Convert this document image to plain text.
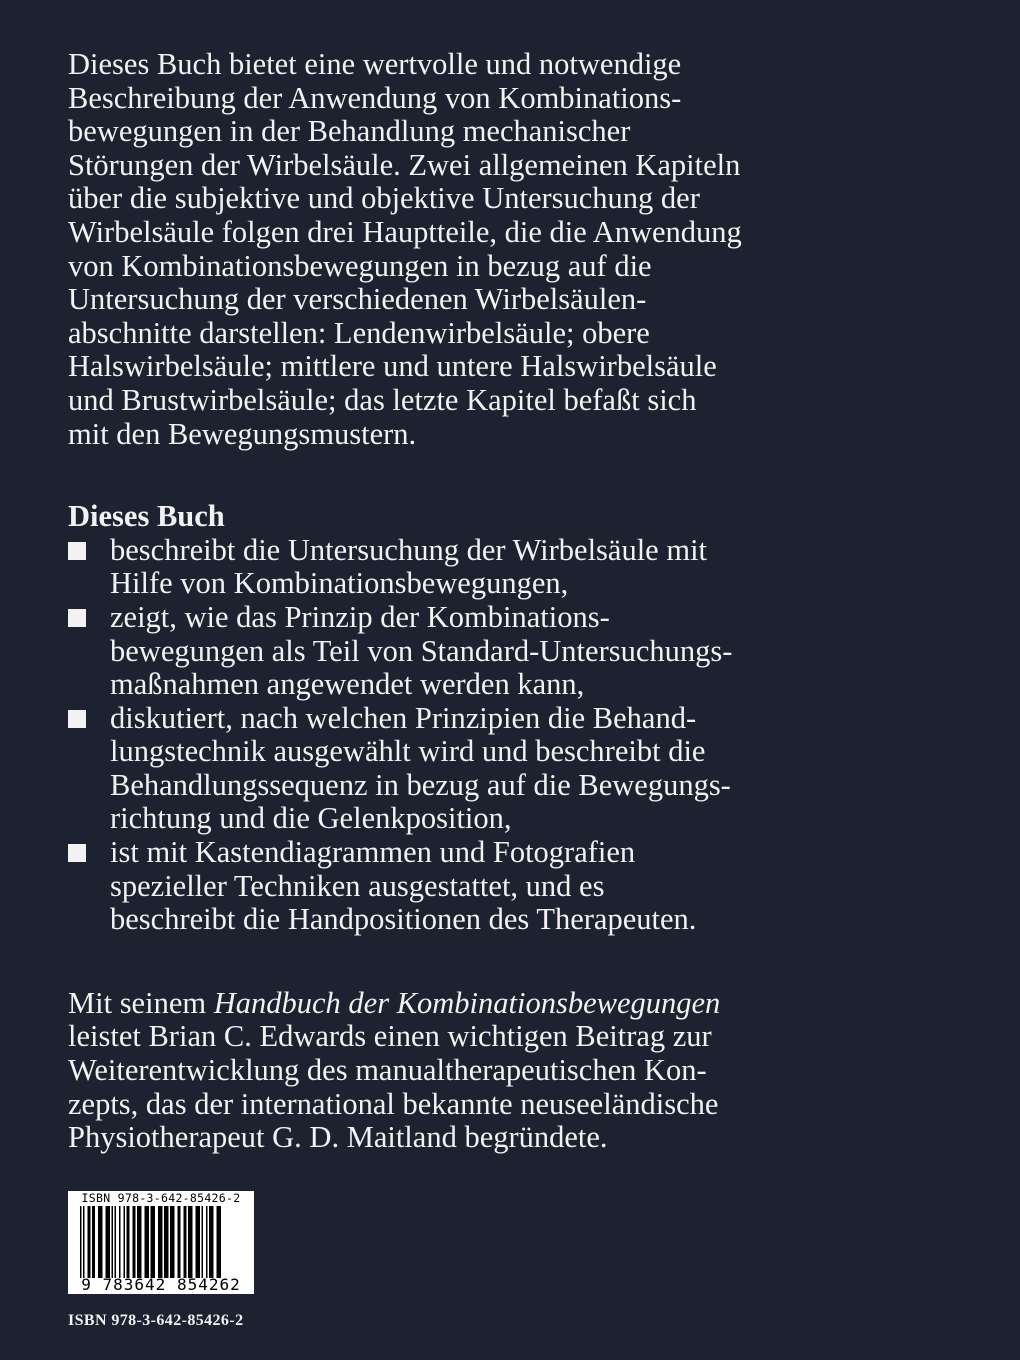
Dieses Buch bietet eine wertvolle und notwendige
Beschreibung der Anwendung von Kombinations-
bewegungen in der Behandlung mechanischer
Störungen der Wirbelsäule. Zwei allgemeinen Kapiteln
über die subjektive und objektive Untersuchung der
Wirbelsäule folgen drei Hauptteile, die die Anwendung
von Kombinationsbewegungen in bezug auf die
Untersuchung der verschiedenen Wirbelsäulen-
abschnitte darstellen: Lendenwirbelsäule; obere
Halswirbelsäule; mittlere und untere Halswirbelsäule
und Brustwirbelsäule; das letzte Kapitel befaßt sich
mit den Bewegungsmustern.

Dieses Buch

beschreibt die Untersuchung der Wirbelsäule mit
Hilfe von Kombinationsbewegungen,
zeigt, wie das Prinzip der Kombinations-
bewegungen als Teil von Standard-Untersuchungs-
maßnahmen angewendet werden kann,
diskutiert, nach welchen Prinzipien die Behand-
lungstechnik ausgewählt wird und beschreibt die
Behandlungssequenz in bezug auf die Bewegungs-
richtung und die Gelenkposition,
ist mit Kastendiagrammen und Fotografien
spezieller Techniken ausgestattet, und es
beschreibt die Handpositionen des Therapeuten.

Mit seinem Handbuch der Kombinationsbewegungen
leistet Brian C. Edwards einen wichtigen Beitrag zur
Weiterentwicklung des manualtherapeutischen Kon-
zepts, das der international bekannte neuseeländische
Physiotherapeut G. D. Maitland begründete.

ISBN 978-3-642-85426-2
9 783642 854262
ISBN 978-3-642-85426-2
